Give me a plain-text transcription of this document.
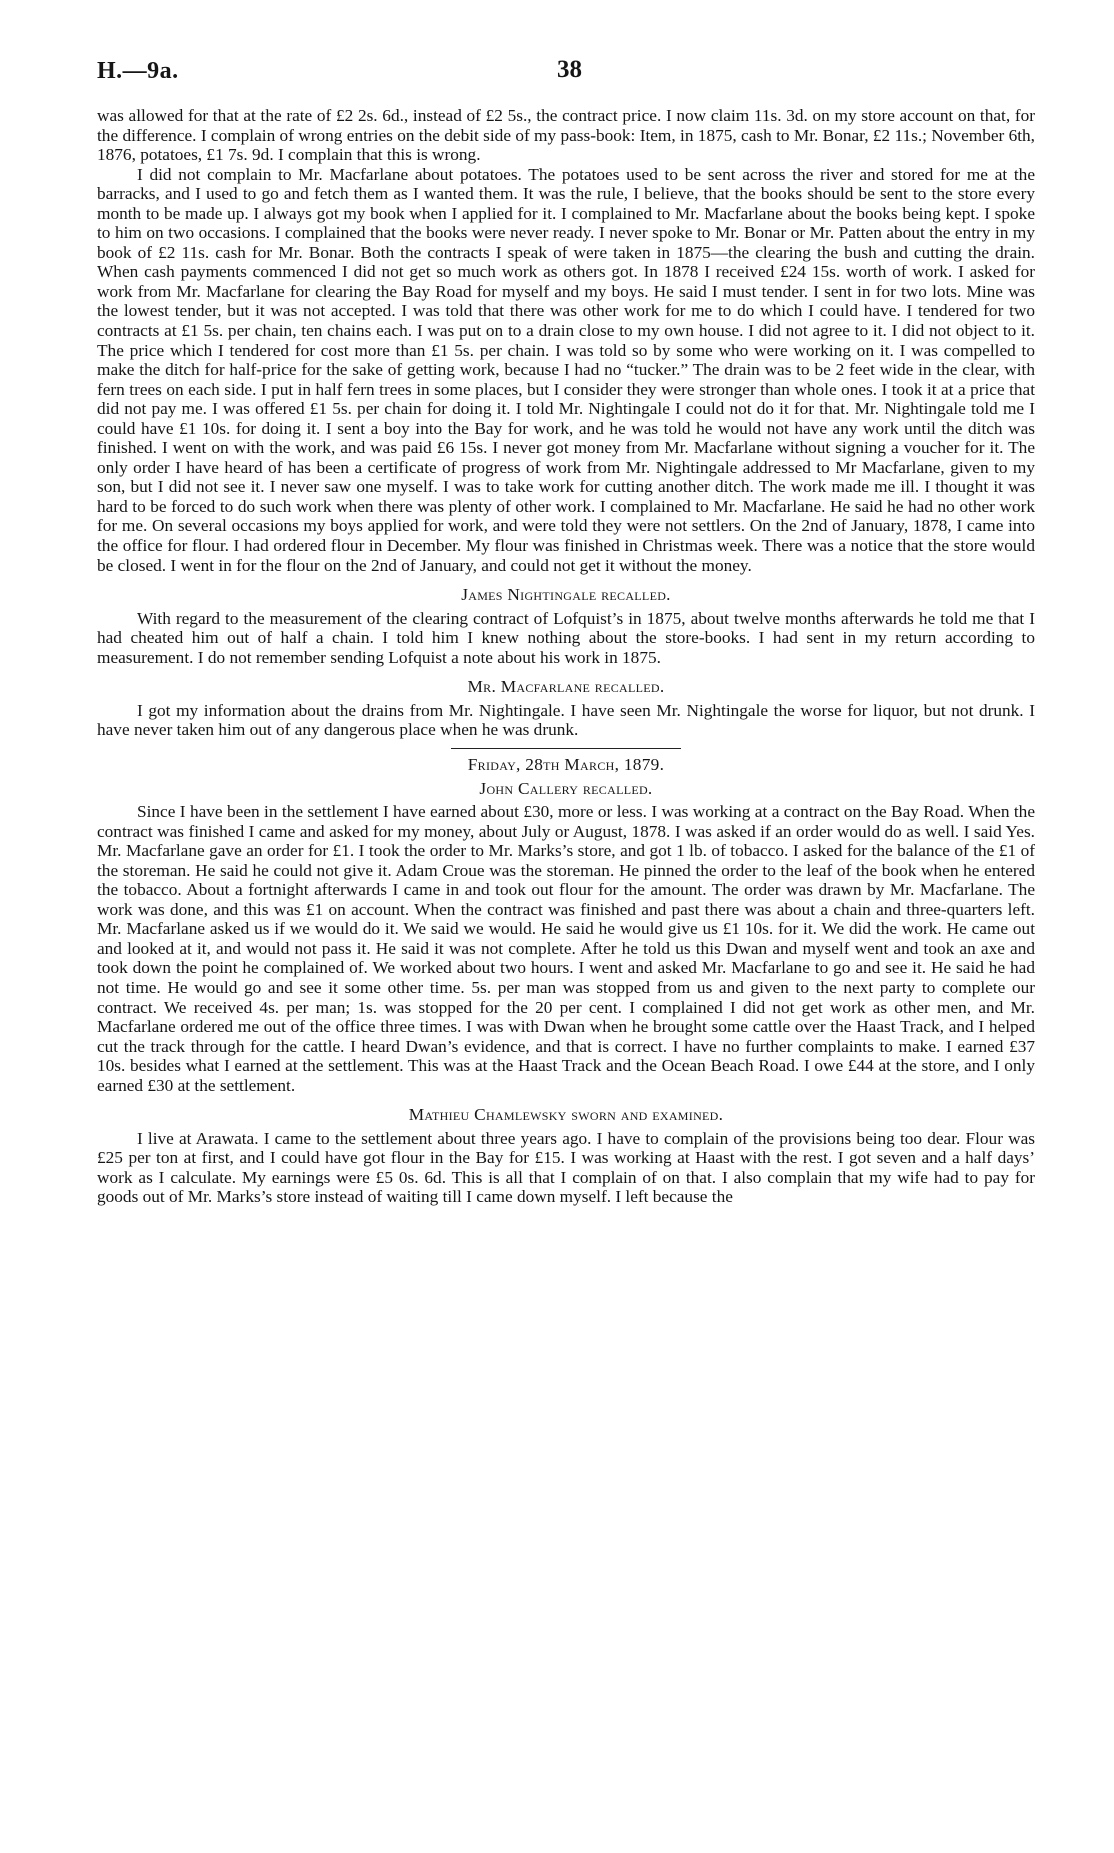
H.—9a.	38

was allowed for that at the rate of £2 2s. 6d., instead of £2 5s., the contract price. I now claim 11s. 3d. on my store account on that, for the difference. I complain of wrong entries on the debit side of my pass-book: Item, in 1875, cash to Mr. Bonar, £2 11s.; November 6th, 1876, potatoes, £1 7s. 9d. I complain that this is wrong.

I did not complain to Mr. Macfarlane about potatoes. The potatoes used to be sent across the river and stored for me at the barracks, and I used to go and fetch them as I wanted them. It was the rule, I believe, that the books should be sent to the store every month to be made up. I always got my book when I applied for it. I complained to Mr. Macfarlane about the books being kept. I spoke to him on two occasions. I complained that the books were never ready. I never spoke to Mr. Bonar or Mr. Patten about the entry in my book of £2 11s. cash for Mr. Bonar. Both the contracts I speak of were taken in 1875—the clearing the bush and cutting the drain. When cash payments commenced I did not get so much work as others got. In 1878 I received £24 15s. worth of work. I asked for work from Mr. Macfarlane for clearing the Bay Road for myself and my boys. He said I must tender. I sent in for two lots. Mine was the lowest tender, but it was not accepted. I was told that there was other work for me to do which I could have. I tendered for two contracts at £1 5s. per chain, ten chains each. I was put on to a drain close to my own house. I did not agree to it. I did not object to it. The price which I tendered for cost more than £1 5s. per chain. I was told so by some who were working on it. I was compelled to make the ditch for half-price for the sake of getting work, because I had no “tucker.” The drain was to be 2 feet wide in the clear, with fern trees on each side. I put in half fern trees in some places, but I consider they were stronger than whole ones. I took it at a price that did not pay me. I was offered £1 5s. per chain for doing it. I told Mr. Nightingale I could not do it for that. Mr. Nightingale told me I could have £1 10s. for doing it. I sent a boy into the Bay for work, and he was told he would not have any work until the ditch was finished. I went on with the work, and was paid £6 15s. I never got money from Mr. Macfarlane without signing a voucher for it. The only order I have heard of has been a certificate of progress of work from Mr. Nightingale addressed to Mr Macfarlane, given to my son, but I did not see it. I never saw one myself. I was to take work for cutting another ditch. The work made me ill. I thought it was hard to be forced to do such work when there was plenty of other work. I complained to Mr. Macfarlane. He said he had no other work for me. On several occasions my boys applied for work, and were told they were not settlers. On the 2nd of January, 1878, I came into the office for flour. I had ordered flour in December. My flour was finished in Christmas week. There was a notice that the store would be closed. I went in for the flour on the 2nd of January, and could not get it without the money.

James Nightingale recalled.

With regard to the measurement of the clearing contract of Lofquist’s in 1875, about twelve months afterwards he told me that I had cheated him out of half a chain. I told him I knew nothing about the store-books. I had sent in my return according to measurement. I do not remember sending Lofquist a note about his work in 1875.

Mr. Macfarlane recalled.

I got my information about the drains from Mr. Nightingale. I have seen Mr. Nightingale the worse for liquor, but not drunk. I have never taken him out of any dangerous place when he was drunk.

Friday, 28th March, 1879.
John Callery recalled.

Since I have been in the settlement I have earned about £30, more or less. I was working at a contract on the Bay Road. When the contract was finished I came and asked for my money, about July or August, 1878. I was asked if an order would do as well. I said Yes. Mr. Macfarlane gave an order for £1. I took the order to Mr. Marks’s store, and got 1 lb. of tobacco. I asked for the balance of the £1 of the storeman. He said he could not give it. Adam Croue was the storeman. He pinned the order to the leaf of the book when he entered the tobacco. About a fortnight afterwards I came in and took out flour for the amount. The order was drawn by Mr. Macfarlane. The work was done, and this was £1 on account. When the contract was finished and past there was about a chain and three-quarters left. Mr. Macfarlane asked us if we would do it. We said we would. He said he would give us £1 10s. for it. We did the work. He came out and looked at it, and would not pass it. He said it was not complete. After he told us this Dwan and myself went and took an axe and took down the point he complained of. We worked about two hours. I went and asked Mr. Macfarlane to go and see it. He said he had not time. He would go and see it some other time. 5s. per man was stopped from us and given to the next party to complete our contract. We received 4s. per man; 1s. was stopped for the 20 per cent. I complained I did not get work as other men, and Mr. Macfarlane ordered me out of the office three times. I was with Dwan when he brought some cattle over the Haast Track, and I helped cut the track through for the cattle. I heard Dwan’s evidence, and that is correct. I have no further complaints to make. I earned £37 10s. besides what I earned at the settlement. This was at the Haast Track and the Ocean Beach Road. I owe £44 at the store, and I only earned £30 at the settlement.

Mathieu Chamlewsky sworn and examined.

I live at Arawata. I came to the settlement about three years ago. I have to complain of the provisions being too dear. Flour was £25 per ton at first, and I could have got flour in the Bay for £15. I was working at Haast with the rest. I got seven and a half days’ work as I calculate. My earnings were £5 0s. 6d. This is all that I complain of on that. I also complain that my wife had to pay for goods out of Mr. Marks’s store instead of waiting till I came down myself. I left because the
